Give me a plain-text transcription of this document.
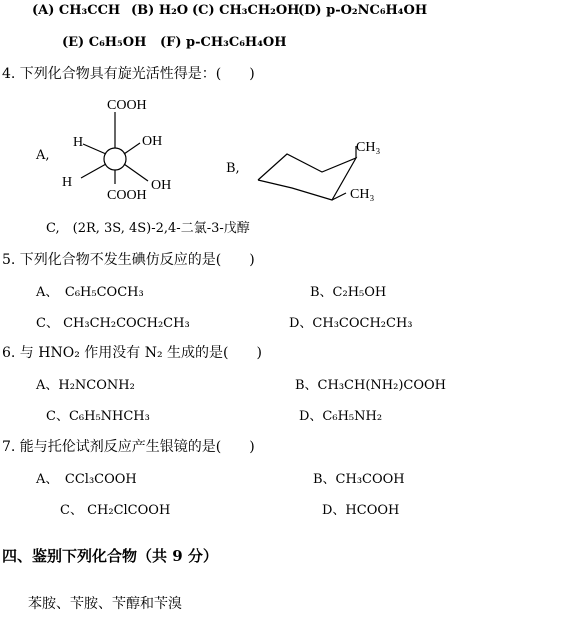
(A) CH₃CCH (B) H₂O (C) CH₃CH₂OH
(D) p-O₂NC₆H₄OH
(E) C₆H₅OH (F) p-CH₃C₆H₄OH
4. 下列化合物具有旋光活性得是：(　　)
A,
COOH
H	OH
H	OH
COOH
B,
CH₃
CH₃
C,　(2R, 3S, 4S)-2,4-二氯-3-戊醇
5. 下列化合物不发生碘仿反应的是(　　)
A、　C₆H₅COCH₃	B、C₂H₅OH
C、 CH₃CH₂COCH₂CH₃	D、CH₃COCH₂CH₃
6. 与 HNO₂ 作用没有 N₂ 生成的是(　　)
A、H₂NCONH₂	B、CH₃CH(NH₂)COOH
C、C₆H₅NHCH₃	D、C₆H₅NH₂
7. 能与托伦试剂反应产生银镜的是(　　)
A、　CCl₃COOH	B、CH₃COOH
C、 CH₂ClCOOH	D、HCOOH
四、鉴别下列化合物（共 9 分）
苯胺、苄胺、苄醇和苄溴
